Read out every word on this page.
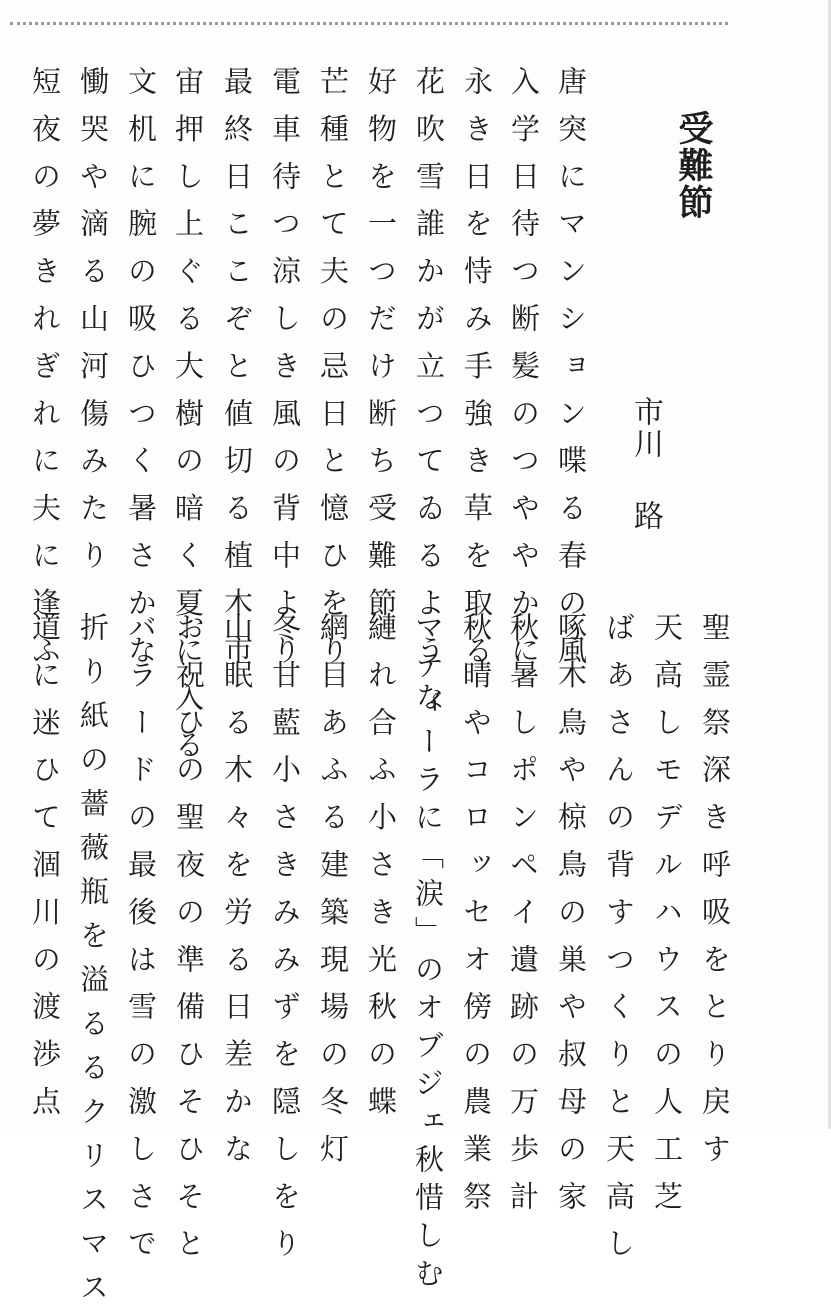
受難節
市川
路

唐突にマンション喋る春の風

入学日待つ断髪のつややかに

永き日を恃み手強き草を取る

花吹雪誰かが立つてゐるような

好物を一つだけ断ち受難節

芒種とて夫の忌日と憶ひをり

電車待つ涼しき風の背中より

最終日ここぞと値切る植木市

宙押し上ぐる大樹の暗く夏に入る

文机に腕の吸ひつく暑さかな

慟哭や滴る山河傷みたり

短夜の夢きれぎれに夫に逢ふ

聖霊祭深き呼吸をとり戻す

天高しモデルハウスの人工芝

ばあさんの背すつくりと天高し

啄木鳥や椋鳥の巣や叔母の家

秋暑しポンペイ遺跡の万歩計

秋晴やコロッセオ傍の農業祭

マティーラに「涙」のオブジェ秋惜しむ

縺れ合ふ小さき光秋の蝶

網目あふる建築現場の冬灯

冬甘藍小さきみみずを隠しをり

山眠る木々を労る日差かな

お祝ひの聖夜の準備ひそひそと

バラードの最後は雪の激しさで

折り紙の薔薇瓶を溢るるクリスマス

道に迷ひて涸川の渡渉点
